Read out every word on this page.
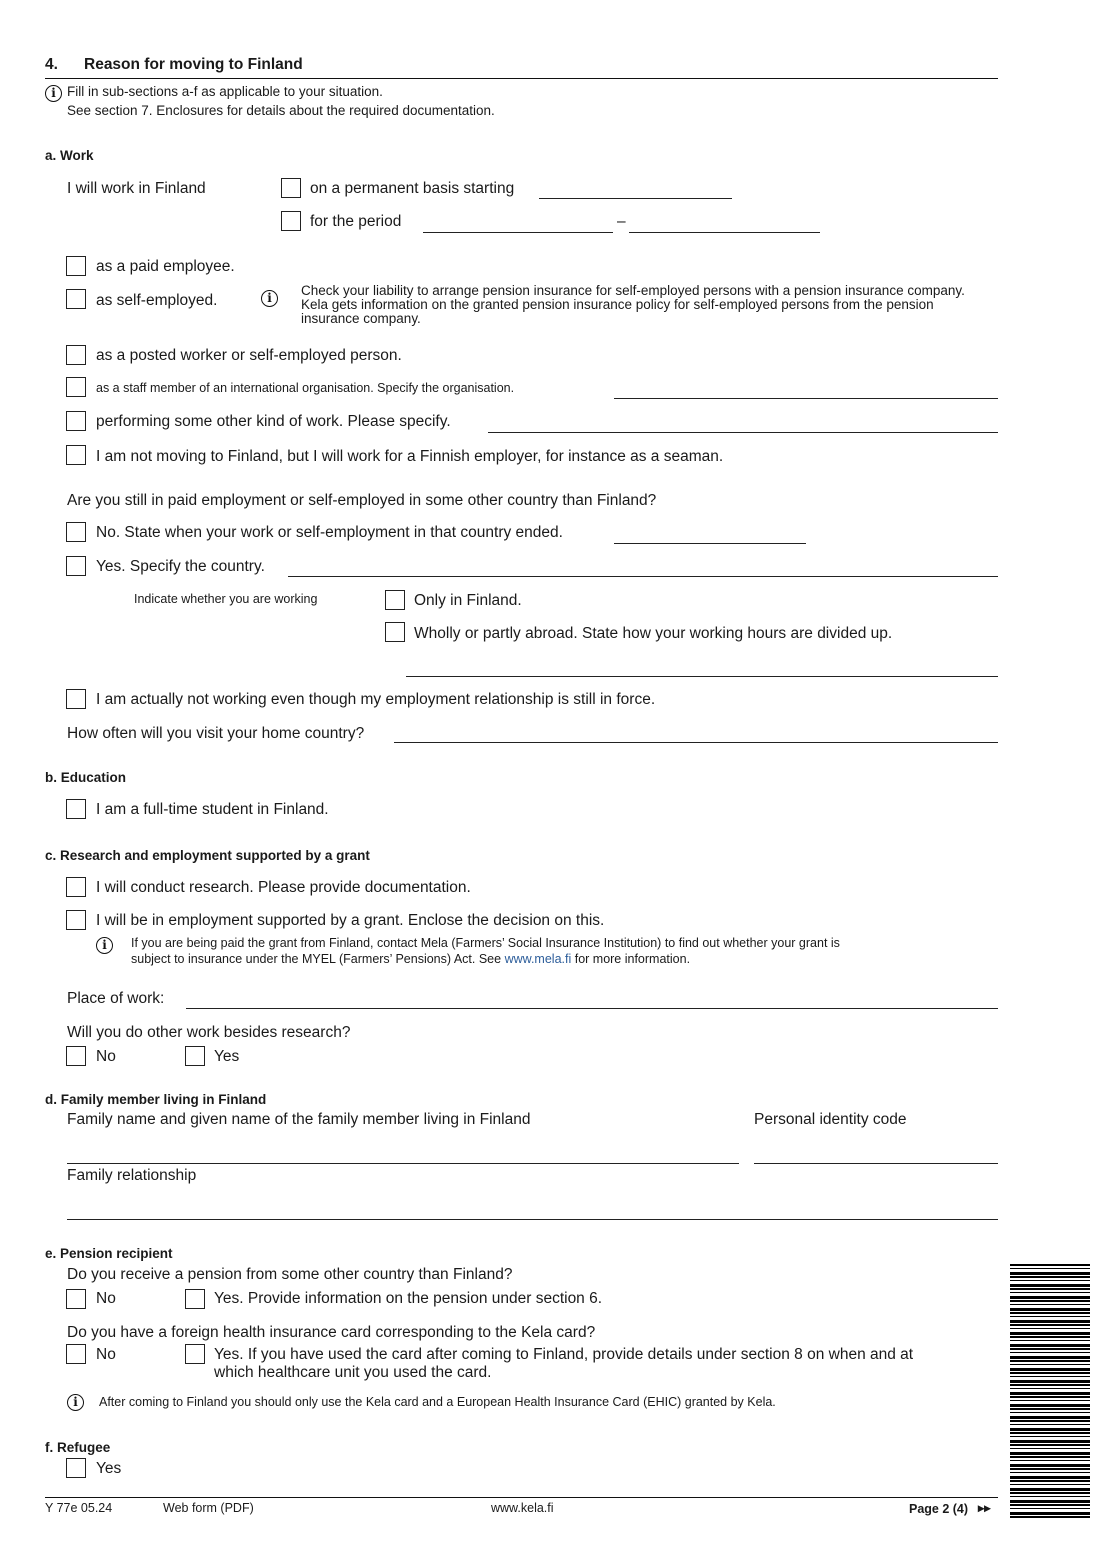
4. Reason for moving to Finland
i Fill in sub-sections a-f as applicable to your situation.
See section 7. Enclosures for details about the required documentation.
a. Work
I will work in Finland	on a permanent basis starting
for the period	–
as a paid employee.
as self-employed.	i	Check your liability to arrange pension insurance for self-employed persons with a pension insurance company. Kela gets information on the granted pension insurance policy for self-employed persons from the pension insurance company.
as a posted worker or self-employed person.
as a staff member of an international organisation. Specify the organisation.
performing some other kind of work. Please specify.
I am not moving to Finland, but I will work for a Finnish employer, for instance as a seaman.
Are you still in paid employment or self-employed in some other country than Finland?
No. State when your work or self-employment in that country ended.
Yes. Specify the country.
Indicate whether you are working	Only in Finland.
Wholly or partly abroad. State how your working hours are divided up.
I am actually not working even though my employment relationship is still in force.
How often will you visit your home country?
b. Education
I am a full-time student in Finland.
c. Research and employment supported by a grant
I will conduct research. Please provide documentation.
I will be in employment supported by a grant. Enclose the decision on this.
i	If you are being paid the grant from Finland, contact Mela (Farmers’ Social Insurance Institution) to find out whether your grant is
subject to insurance under the MYEL (Farmers’ Pensions) Act. See www.mela.fi for more information.
Place of work:
Will you do other work besides research?
No	Yes
d. Family member living in Finland
Family name and given name of the family member living in Finland	Personal identity code
Family relationship
e. Pension recipient
Do you receive a pension from some other country than Finland?
No	Yes. Provide information on the pension under section 6.
Do you have a foreign health insurance card corresponding to the Kela card?
No	Yes. If you have used the card after coming to Finland, provide details under section 8 on when and at
which healthcare unit you used the card.
i	After coming to Finland you should only use the Kela card and a European Health Insurance Card (EHIC) granted by Kela.
f. Refugee
Yes
Y 77e 05.24	Web form (PDF)	www.kela.fi	Page 2 (4) ▸▸
